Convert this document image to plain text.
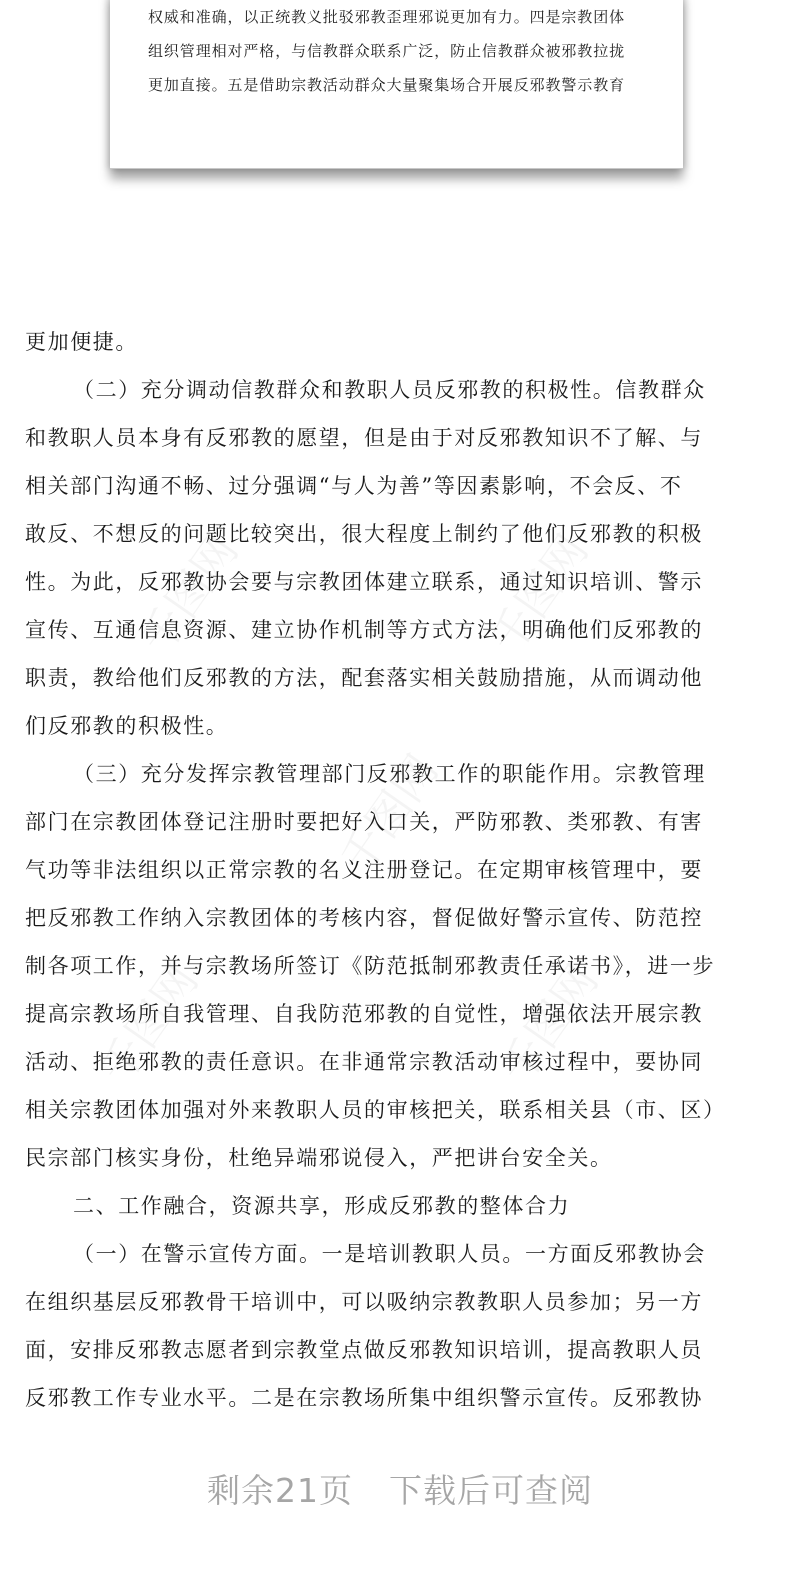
权威和准确，以正统教义批驳邪教歪理邪说更加有力。四是宗教团体
组织管理相对严格，与信教群众联系广泛，防止信教群众被邪教拉拢
更加直接。五是借助宗教活动群众大量聚集场合开展反邪教警示教育
更加便捷。
（二）充分调动信教群众和教职人员反邪教的积极性。信教群众
和教职人员本身有反邪教的愿望，但是由于对反邪教知识不了解、与
相关部门沟通不畅、过分强调“与人为善”等因素影响，不会反、不
敢反、不想反的问题比较突出，很大程度上制约了他们反邪教的积极
性。为此，反邪教协会要与宗教团体建立联系，通过知识培训、警示
宣传、互通信息资源、建立协作机制等方式方法，明确他们反邪教的
职责，教给他们反邪教的方法，配套落实相关鼓励措施，从而调动他
们反邪教的积极性。
（三）充分发挥宗教管理部门反邪教工作的职能作用。宗教管理
部门在宗教团体登记注册时要把好入口关，严防邪教、类邪教、有害
气功等非法组织以正常宗教的名义注册登记。在定期审核管理中，要
把反邪教工作纳入宗教团体的考核内容，督促做好警示宣传、防范控
制各项工作，并与宗教场所签订《防范抵制邪教责任承诺书》，进一步
提高宗教场所自我管理、自我防范邪教的自觉性，增强依法开展宗教
活动、拒绝邪教的责任意识。在非通常宗教活动审核过程中，要协同
相关宗教团体加强对外来教职人员的审核把关，联系相关县（市、区）
民宗部门核实身份，杜绝异端邪说侵入，严把讲台安全关。
二、工作融合，资源共享，形成反邪教的整体合力
（一）在警示宣传方面。一是培训教职人员。一方面反邪教协会
在组织基层反邪教骨干培训中，可以吸纳宗教教职人员参加；另一方
面，安排反邪教志愿者到宗教堂点做反邪教知识培训，提高教职人员
反邪教工作专业水平。二是在宗教场所集中组织警示宣传。反邪教协
剩余21页 下载后可查阅
